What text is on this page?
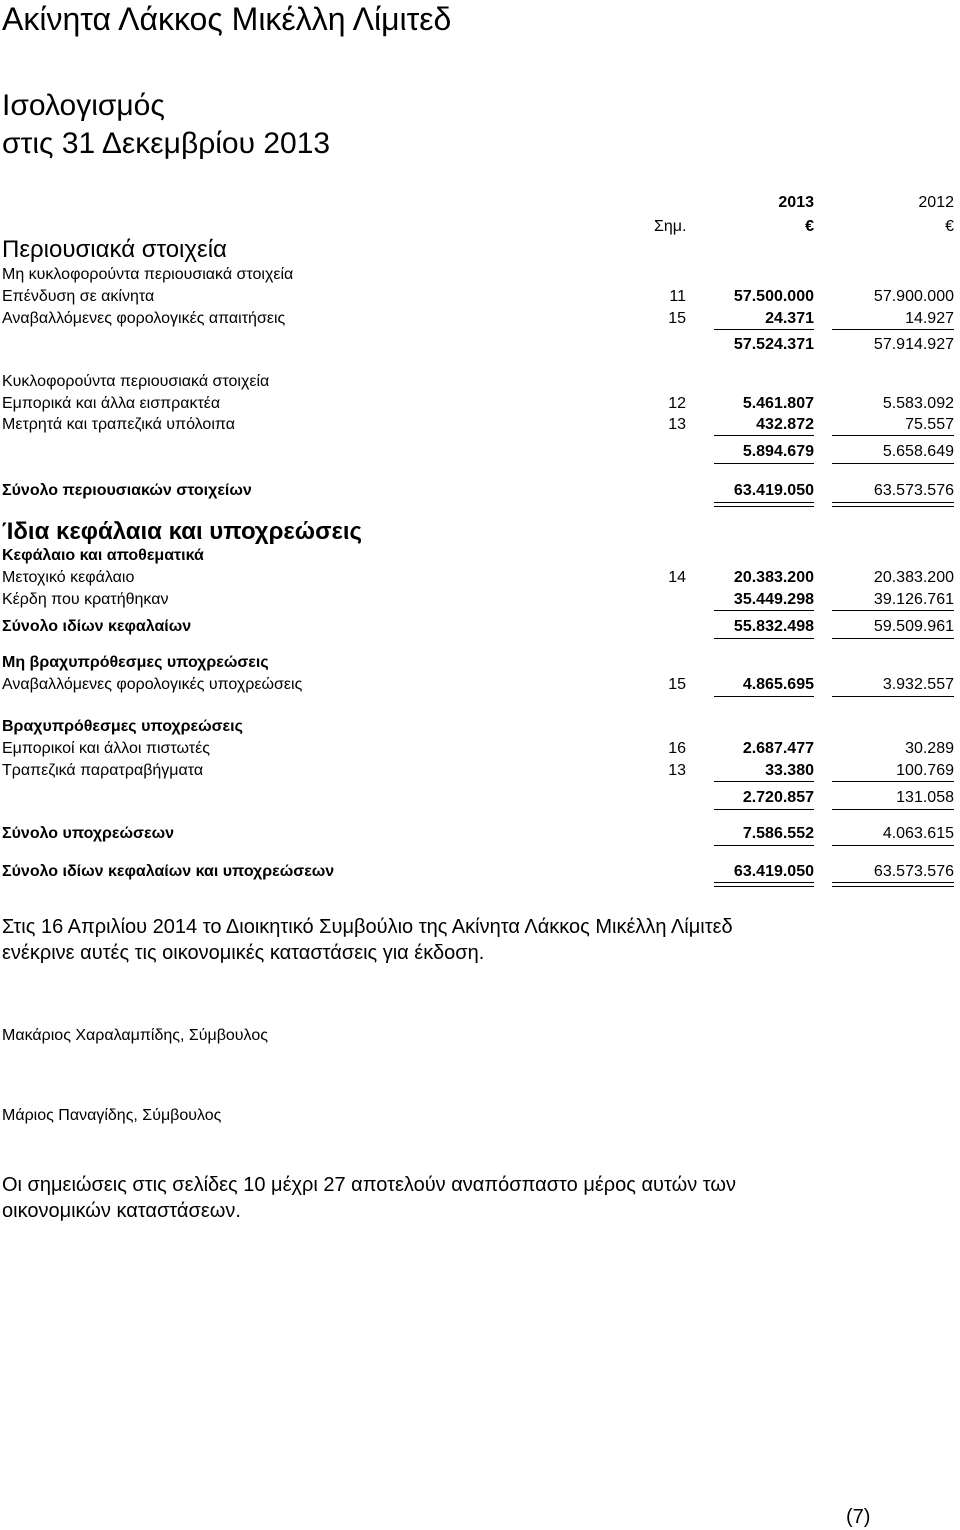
Ακίνητα Λάκκος Μικέλλη Λίμιτεδ
Ισολογισμός
στις 31 Δεκεμβρίου 2013
2013	2012
Σημ.	€	€
Περιουσιακά στοιχεία
Μη κυκλοφορούντα περιουσιακά στοιχεία
Επένδυση σε ακίνητα	11	57.500.000	57.900.000
Αναβαλλόμενες φορολογικές απαιτήσεις	15	24.371	14.927
57.524.371	57.914.927
Κυκλοφορούντα περιουσιακά στοιχεία
Εμπορικά και άλλα εισπρακτέα	12	5.461.807	5.583.092
Μετρητά και τραπεζικά υπόλοιπα	13	432.872	75.557
5.894.679	5.658.649
Σύνολο περιουσιακών στοιχείων	63.419.050	63.573.576
Ίδια κεφάλαια και υποχρεώσεις
Κεφάλαιο και αποθεματικά
Μετοχικό κεφάλαιο	14	20.383.200	20.383.200
Κέρδη που κρατήθηκαν	35.449.298	39.126.761
Σύνολο ιδίων κεφαλαίων	55.832.498	59.509.961
Μη βραχυπρόθεσμες υποχρεώσεις
Αναβαλλόμενες φορολογικές υποχρεώσεις	15	4.865.695	3.932.557
Βραχυπρόθεσμες υποχρεώσεις
Εμπορικοί και άλλοι πιστωτές	16	2.687.477	30.289
Τραπεζικά παρατραβήγματα	13	33.380	100.769
2.720.857	131.058
Σύνολο υποχρεώσεων	7.586.552	4.063.615
Σύνολο ιδίων κεφαλαίων και υποχρεώσεων	63.419.050	63.573.576
Στις 16 Απριλίου 2014 το Διοικητικό Συμβούλιο της Ακίνητα Λάκκος Μικέλλη Λίμιτεδ
ενέκρινε αυτές τις οικονομικές καταστάσεις για έκδοση.
Μακάριος Χαραλαμπίδης, Σύμβουλος
Μάριος Παναγίδης, Σύμβουλος
Οι σημειώσεις στις σελίδες 10 μέχρι 27 αποτελούν αναπόσπαστο μέρος αυτών των
οικονομικών καταστάσεων.
(7)
